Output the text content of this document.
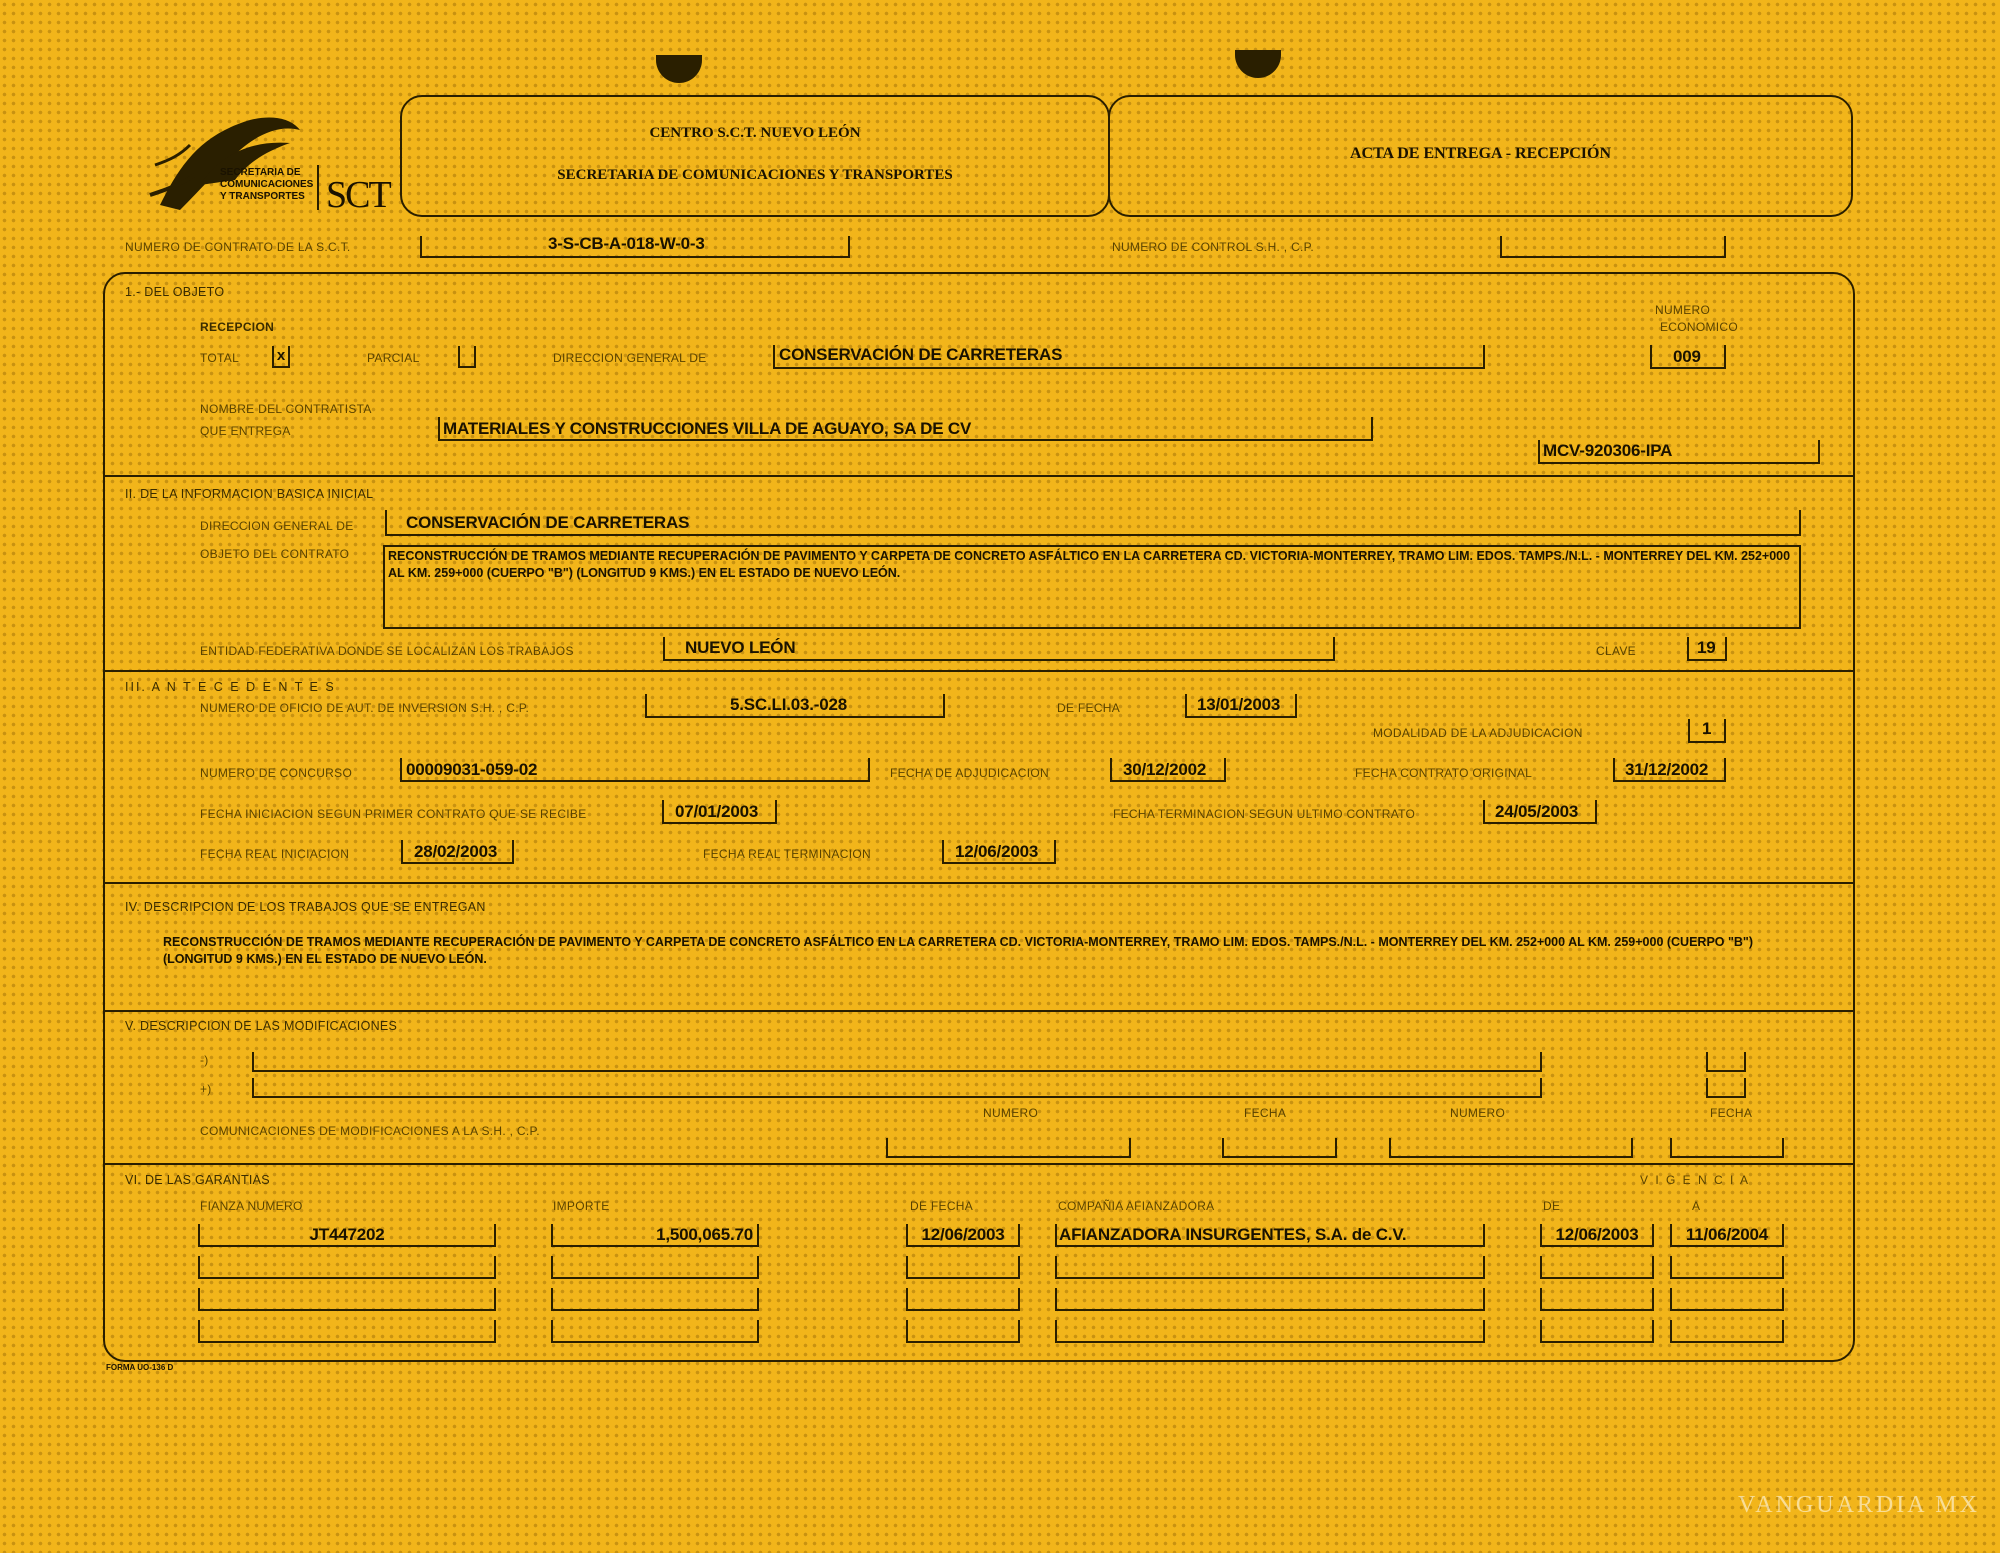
SECRETARIA DE
COMUNICACIONES
Y TRANSPORTES SCT
CENTRO S.C.T. NUEVO LEÓN
SECRETARIA DE COMUNICACIONES Y TRANSPORTES
ACTA DE ENTREGA - RECEPCIÓN
NUMERO DE CONTRATO DE LA S.C.T.	3-S-CB-A-018-W-0-3	NUMERO DE CONTROL S.H. , C.P.
1.- DEL OBJETO
RECEPCION
TOTAL	x	PARCIAL	DIRECCION GENERAL DE	CONSERVACIÓN DE CARRETERAS
NUMERO
ECONOMICO
009
NOMBRE DEL CONTRATISTA
QUE ENTREGA	MATERIALES Y CONSTRUCCIONES VILLA DE AGUAYO, SA DE CV
MCV-920306-IPA
II. DE LA INFORMACION BASICA INICIAL
DIRECCION GENERAL DE	CONSERVACIÓN DE CARRETERAS
OBJETO DEL CONTRATO	RECONSTRUCCIÓN DE TRAMOS MEDIANTE RECUPERACIÓN DE PAVIMENTO Y CARPETA DE CONCRETO ASFÁLTICO EN LA CARRETERA CD. VICTORIA-MONTERREY, TRAMO LIM. EDOS. TAMPS./N.L. - MONTERREY DEL KM. 252+000 AL KM. 259+000 (CUERPO "B") (LONGITUD 9 KMS.) EN EL ESTADO DE NUEVO LEÓN.
ENTIDAD FEDERATIVA DONDE SE LOCALIZAN LOS TRABAJOS	NUEVO LEÓN	CLAVE	19
III. A N T E C E D E N T E S
NUMERO DE OFICIO DE AUT. DE INVERSION S.H. , C.P.	5.SC.LI.03.-028	DE FECHA	13/01/2003
MODALIDAD DE LA ADJUDICACION	1
NUMERO DE CONCURSO	00009031-059-02	FECHA DE ADJUDICACION	30/12/2002	FECHA CONTRATO ORIGINAL	31/12/2002
FECHA INICIACION SEGUN PRIMER CONTRATO QUE SE RECIBE	07/01/2003	FECHA TERMINACION SEGUN ULTIMO CONTRATO	24/05/2003
FECHA REAL INICIACION	28/02/2003	FECHA REAL TERMINACION	12/06/2003
IV. DESCRIPCION DE LOS TRABAJOS QUE SE ENTREGAN
RECONSTRUCCIÓN DE TRAMOS MEDIANTE RECUPERACIÓN DE PAVIMENTO Y CARPETA DE CONCRETO ASFÁLTICO EN LA CARRETERA CD. VICTORIA-MONTERREY, TRAMO LIM. EDOS. TAMPS./N.L. - MONTERREY DEL KM. 252+000 AL KM. 259+000 (CUERPO "B") (LONGITUD 9 KMS.) EN EL ESTADO DE NUEVO LEÓN.
V. DESCRIPCION DE LAS MODIFICACIONES
-)
+)
COMUNICACIONES DE MODIFICACIONES A LA S.H. , C.P.
NUMERO	FECHA	NUMERO	FECHA
VI. DE LAS GARANTIAS	V I G E N C I A
FIANZA NUMERO	IMPORTE	DE FECHA	COMPAÑIA AFIANZADORA	DE	A
JT447202	1,500,065.70	12/06/2003	AFIANZADORA INSURGENTES, S.A. de C.V.	12/06/2003	11/06/2004
FORMA UO-136 D
VANGUARDIA MX
